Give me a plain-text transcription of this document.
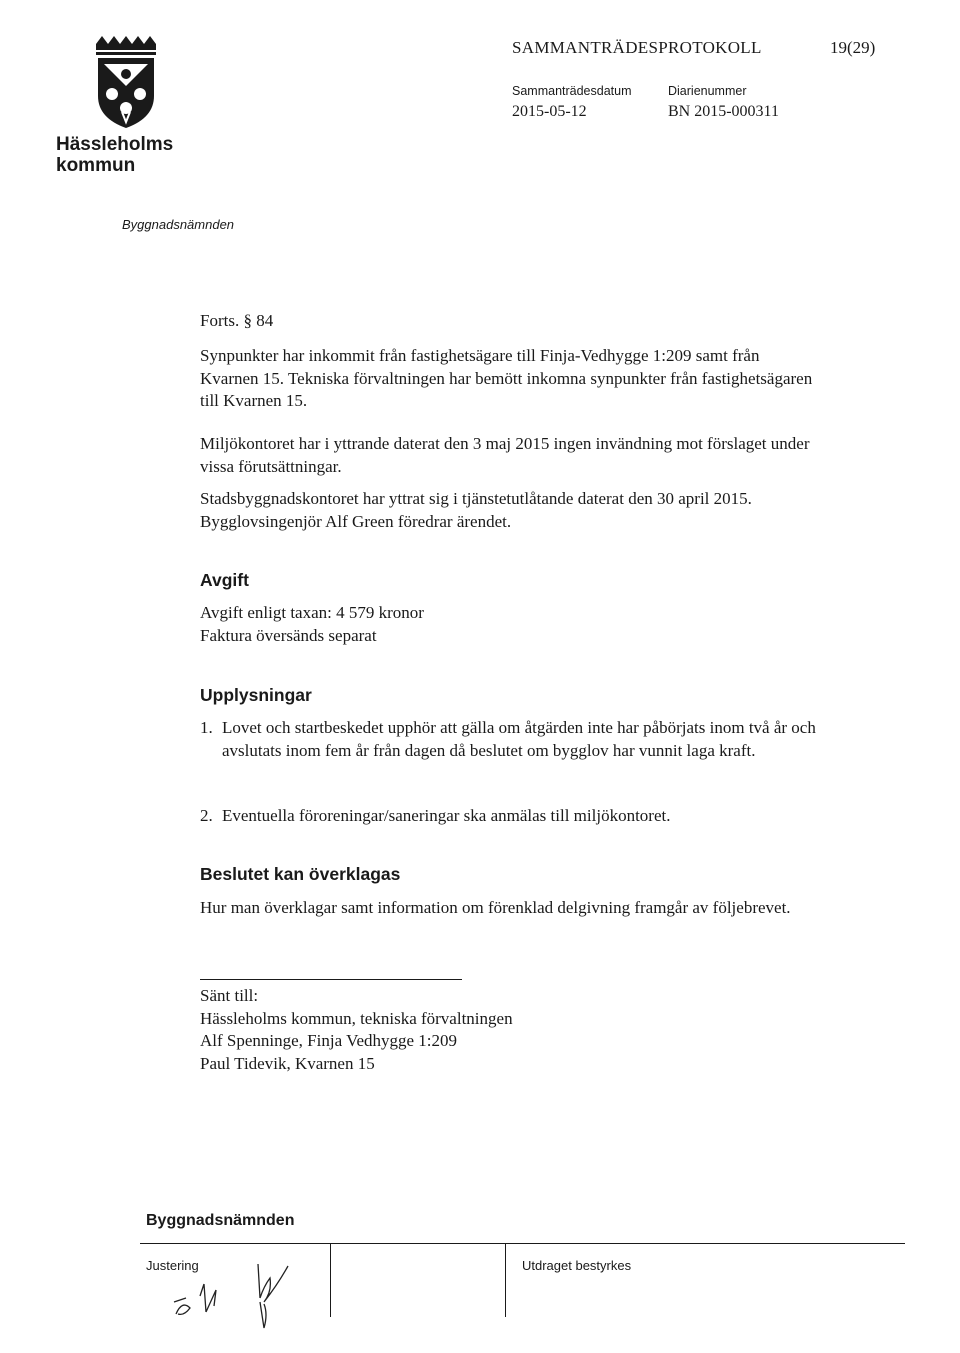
Hässleholms
kommun
SAMMANTRÄDESPROTOKOLL	19(29)
Sammanträdesdatum
2015-05-12
Diarienummer
BN 2015-000311
Byggnadsnämnden
Forts. § 84
Synpunkter har inkommit från fastighetsägare till Finja-Vedhygge 1:209 samt från Kvarnen 15. Tekniska förvaltningen har bemött inkomna synpunkter från fastighetsägaren till Kvarnen 15.
Miljökontoret har i yttrande daterat den 3 maj 2015 ingen invändning mot förslaget under vissa förutsättningar.
Stadsbyggnadskontoret har yttrat sig i tjänstetutlåtande daterat den 30 april 2015. Bygglovsingenjör Alf Green föredrar ärendet.
Avgift
Avgift enligt taxan: 4 579 kronor
Faktura översänds separat
Upplysningar
1. Lovet och startbeskedet upphör att gälla om åtgärden inte har påbörjats inom två år och avslutats inom fem år från dagen då beslutet om bygglov har vunnit laga kraft.
2. Eventuella föroreningar/saneringar ska anmälas till miljökontoret.
Beslutet kan överklagas
Hur man överklagar samt information om förenklad delgivning framgår av följebrevet.
Sänt till:
Hässleholms kommun, tekniska förvaltningen
Alf Spenninge, Finja Vedhygge 1:209
Paul Tidevik, Kvarnen 15
Byggnadsnämnden
Justering	Utdraget bestyrkes
